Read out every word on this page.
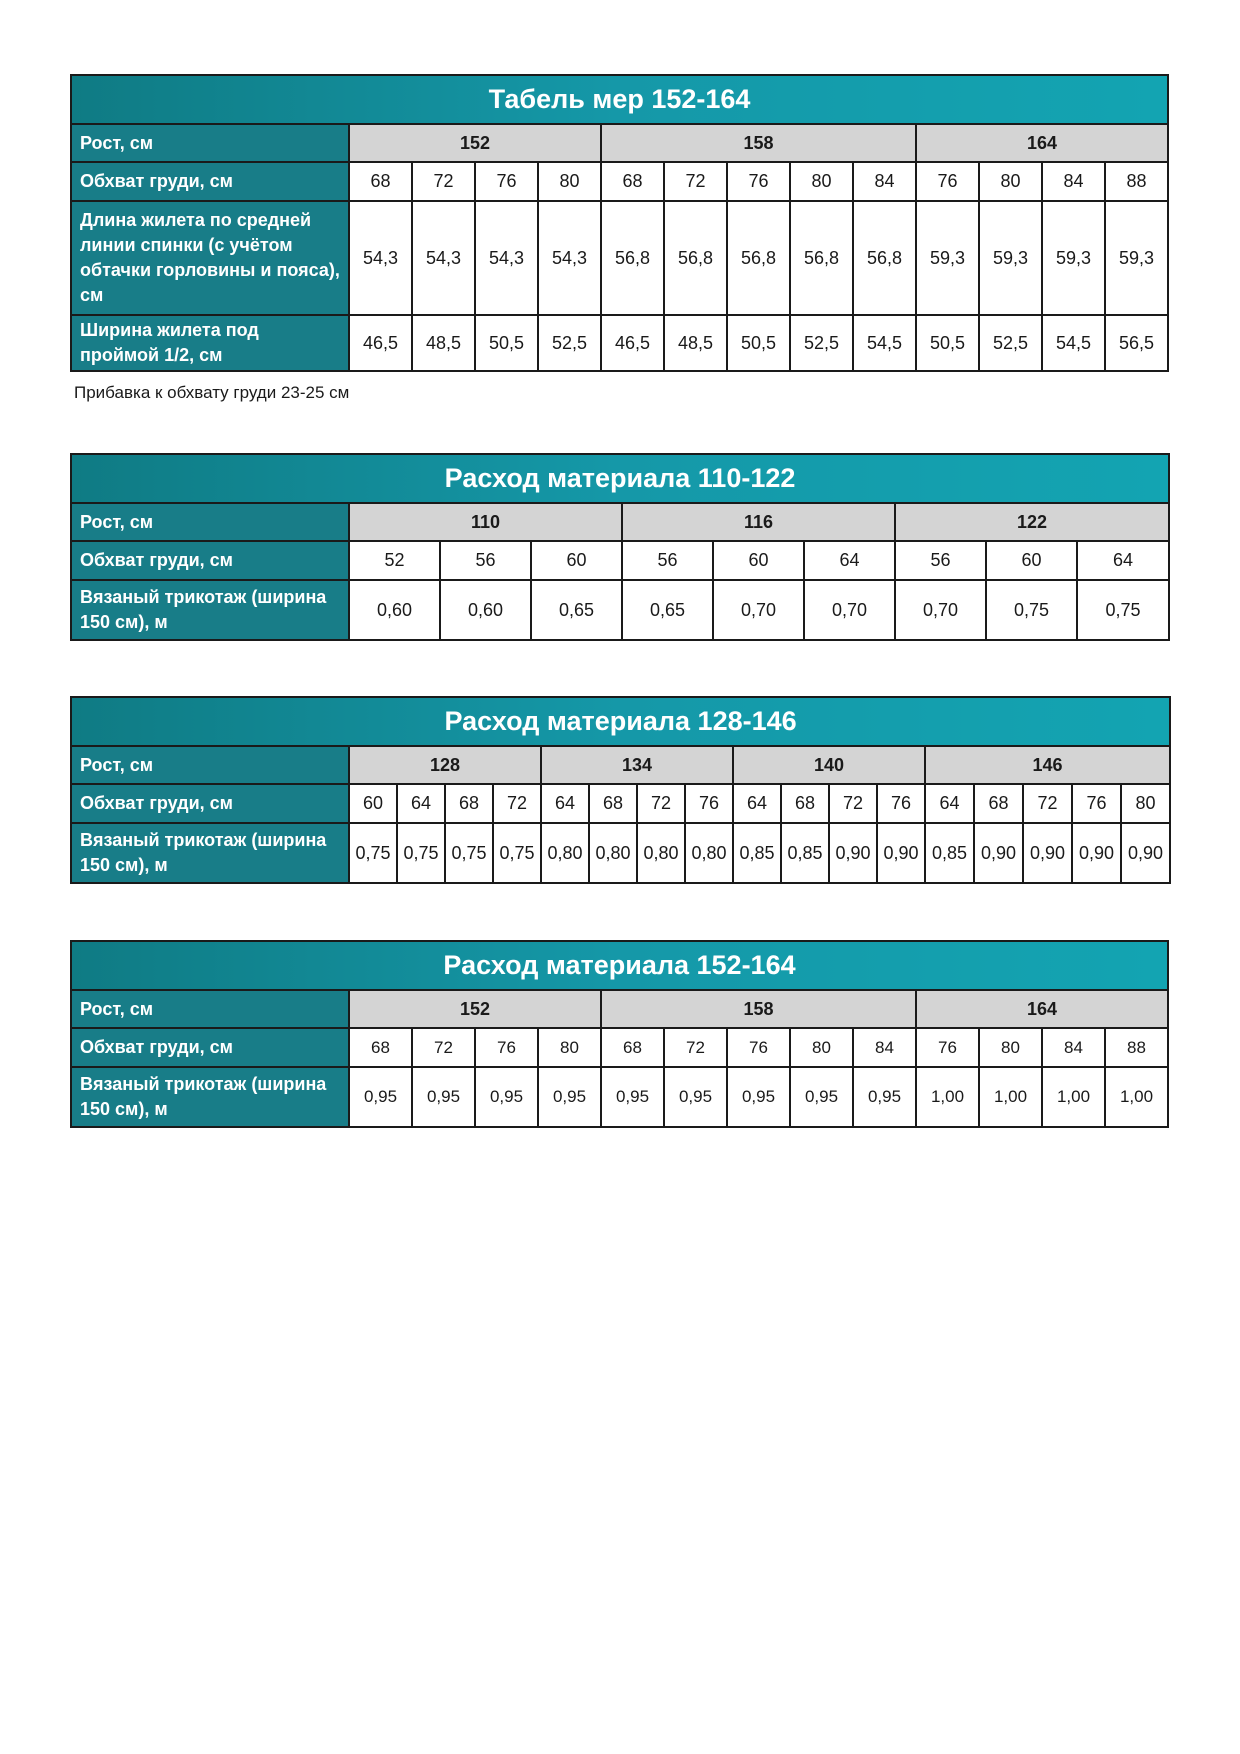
Табель мер 152-164													
Рост, см	152				158					164			
Обхват груди, см	68	72	76	80	68	72	76	80	84	76	80	84	88
Длина жилета по средней линии спинки (с учётом обтачки горловины и пояса), см	54,3	54,3	54,3	54,3	56,8	56,8	56,8	56,8	56,8	59,3	59,3	59,3	59,3
Ширина жилета под проймой 1/2, см	46,5	48,5	50,5	52,5	46,5	48,5	50,5	52,5	54,5	50,5	52,5	54,5	56,5
Прибавка к обхвату груди 23-25 см
Расход материала 110-122									
Рост, см	110			116			122		
Обхват груди, см	52	56	60	56	60	64	56	60	64
Вязаный трикотаж (ширина 150 см), м	0,60	0,60	0,65	0,65	0,70	0,70	0,70	0,75	0,75
Расход материала 128-146																	
Рост, см	128				134				140				146				
Обхват груди, см	60	64	68	72	64	68	72	76	64	68	72	76	64	68	72	76	80
Вязаный трикотаж (ширина 150 см), м	0,75	0,75	0,75	0,75	0,80	0,80	0,80	0,80	0,85	0,85	0,90	0,90	0,85	0,90	0,90	0,90	0,90
Расход материала 152-164													
Рост, см	152				158					164			
Обхват груди, см	68	72	76	80	68	72	76	80	84	76	80	84	88
Вязаный трикотаж (ширина 150 см), м	0,95	0,95	0,95	0,95	0,95	0,95	0,95	0,95	0,95	1,00	1,00	1,00	1,00
